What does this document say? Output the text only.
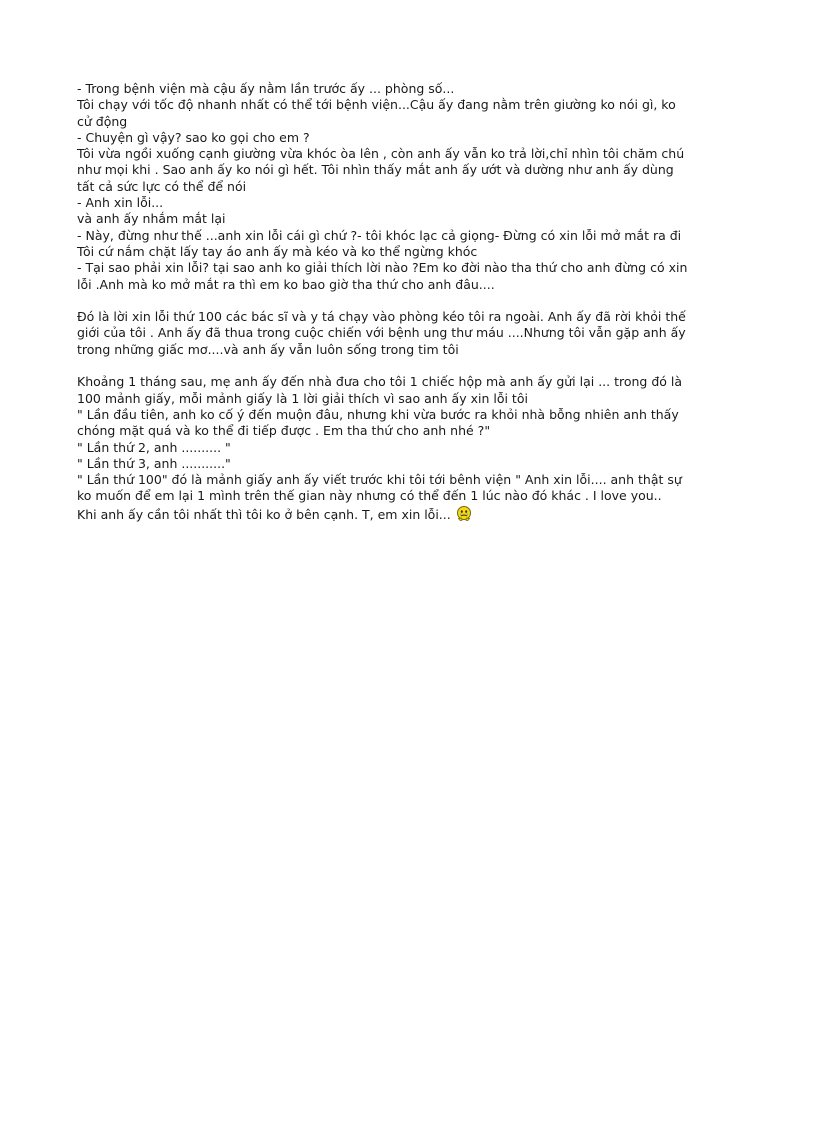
- Trong bệnh viện mà cậu ấy nằm lần trước ấy ... phòng số...
Tôi chạy với tốc độ nhanh nhất có thể tới bệnh viện...Cậu ấy đang nằm trên giường ko nói gì, ko
cử động
- Chuyện gì vậy? sao ko gọi cho em ?
Tôi vừa ngồi xuống cạnh giường vừa khóc òa lên , còn anh ấy vẫn ko trả lời,chỉ nhìn tôi chăm chú
như mọi khi . Sao anh ấy ko nói gì hết. Tôi nhìn thấy mắt anh ấy ướt và dường như anh ấy dùng
tất cả sức lực có thể để nói
- Anh xin lỗi...
và anh ấy nhắm mắt lại
- Này, đừng như thế ...anh xin lỗi cái gì chứ ?- tôi khóc lạc cả giọng- Đừng có xin lỗi mở mắt ra đi
Tôi cứ nắm chặt lấy tay áo anh ấy mà kéo và ko thể ngừng khóc
- Tại sao phải xin lỗi? tại sao anh ko giải thích lời nào ?Em ko đời nào tha thứ cho anh đừng có xin
lỗi .Anh mà ko mở mắt ra thì em ko bao giờ tha thứ cho anh đâu....
Đó là lời xin lỗi thứ 100 các bác sĩ và y tá chạy vào phòng kéo tôi ra ngoài. Anh ấy đã rời khỏi thế
giới của tôi . Anh ấy đã thua trong cuộc chiến với bệnh ung thư máu ....Nhưng tôi vẫn gặp anh ấy
trong những giấc mơ....và anh ấy vẫn luôn sống trong tim tôi
Khoảng 1 tháng sau, mẹ anh ấy đến nhà đưa cho tôi 1 chiếc hộp mà anh ấy gửi lại ... trong đó là
100 mảnh giấy, mỗi mảnh giấy là 1 lời giải thích vì sao anh ấy xin lỗi tôi
" Lần đầu tiên, anh ko cố ý đến muộn đâu, nhưng khi vừa bước ra khỏi nhà bỗng nhiên anh thấy
chóng mặt quá và ko thể đi tiếp được . Em tha thứ cho anh nhé ?"
" Lần thứ 2, anh .......... "
" Lần thứ 3, anh ..........."
" Lần thứ 100" đó là mảnh giấy anh ấy viết trước khi tôi tới bênh viện " Anh xin lỗi.... anh thật sự
ko muốn để em lại 1 mình trên thế gian này nhưng có thể đến 1 lúc nào đó khác . I love you..
Khi anh ấy cần tôi nhất thì tôi ko ở bên cạnh. T, em xin lỗi...
